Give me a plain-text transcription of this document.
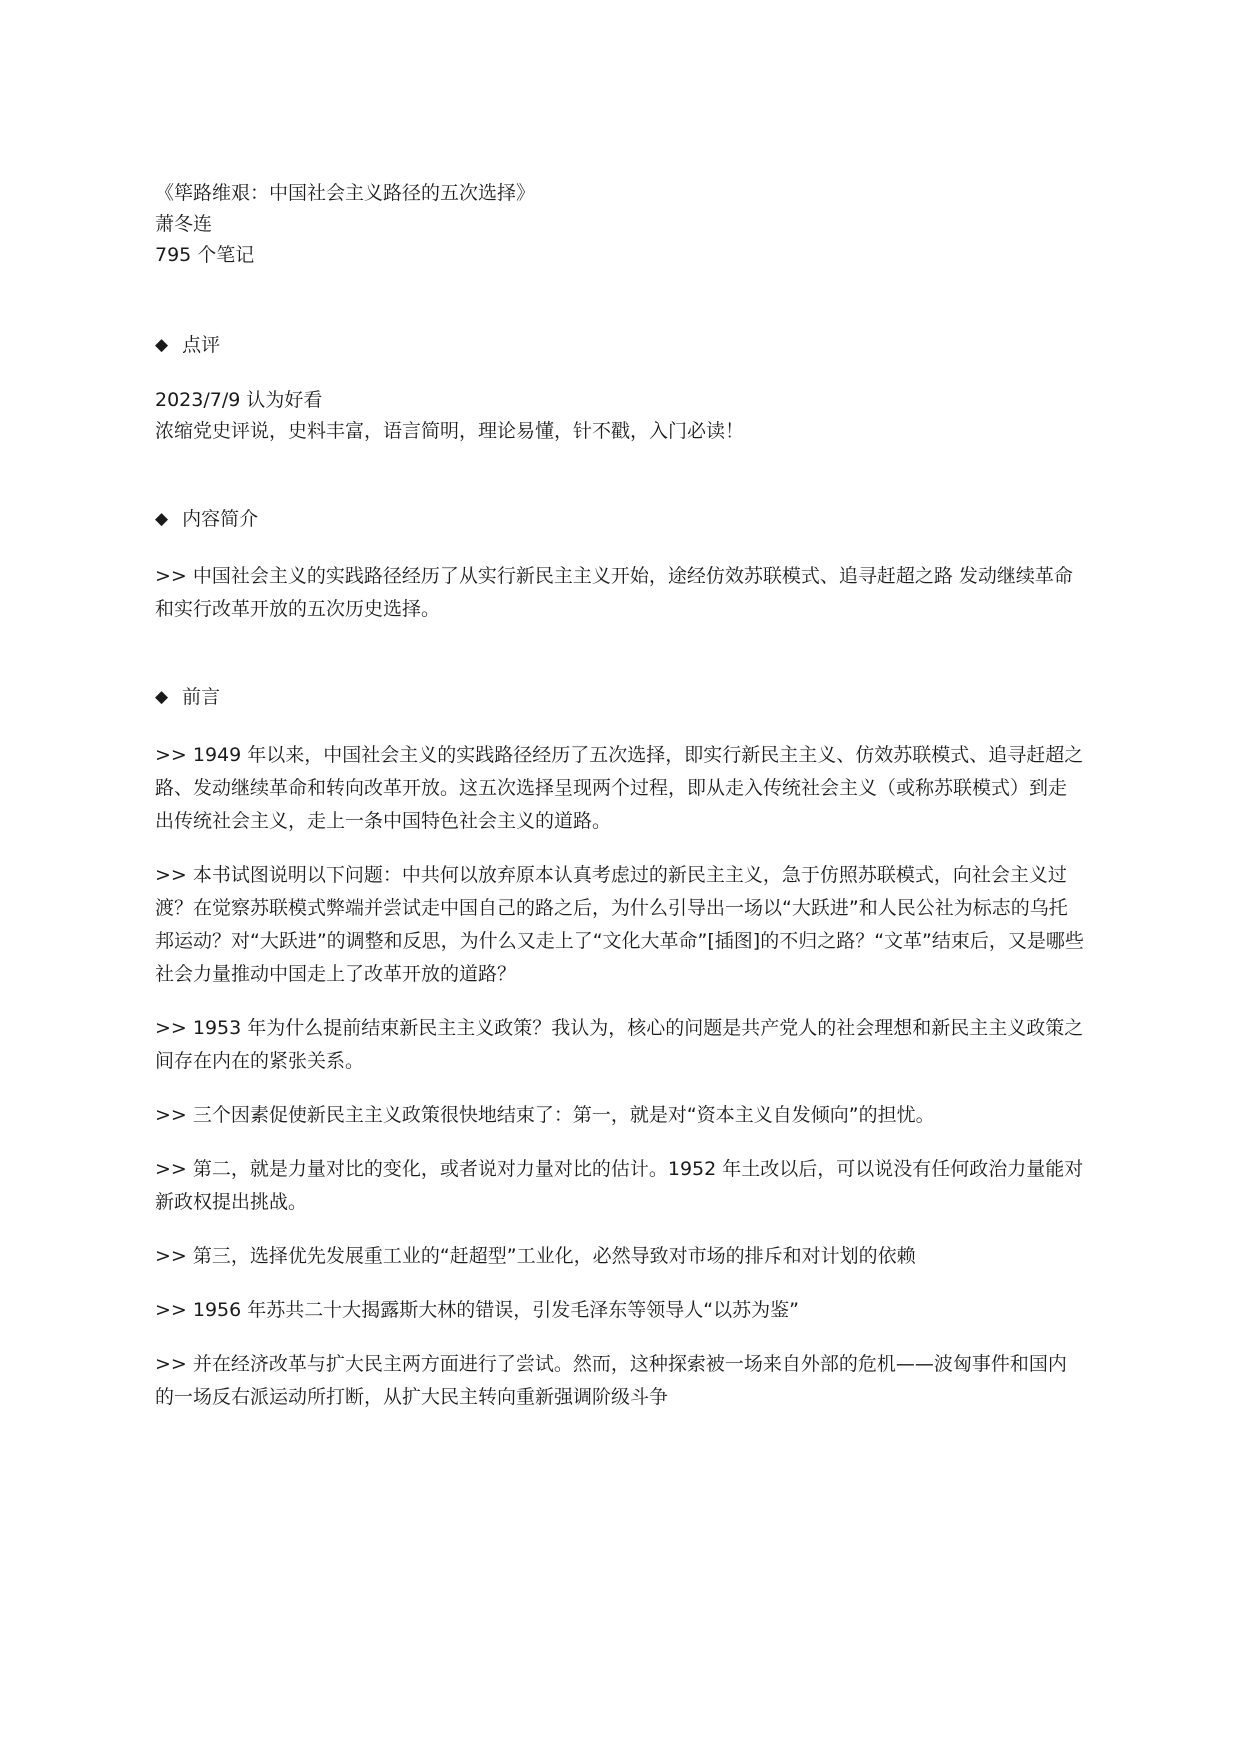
《筚路维艰：中国社会主义路径的五次选择》

萧冬连

795 个笔记

◆ 点评

2023/7/9 认为好看

浓缩党史评说，史料丰富，语言简明，理论易懂，针不戳，入门必读！

◆ 内容简介

>> 中国社会主义的实践路径经历了从实行新民主主义开始，途经仿效苏联模式、追寻赶超之路 发动继续革命和实行改革开放的五次历史选择。

◆ 前言

>> 1949 年以来，中国社会主义的实践路径经历了五次选择，即实行新民主主义、仿效苏联模式、追寻赶超之路、发动继续革命和转向改革开放。这五次选择呈现两个过程，即从走入传统社会主义（或称苏联模式）到走出传统社会主义，走上一条中国特色社会主义的道路。

>> 本书试图说明以下问题：中共何以放弃原本认真考虑过的新民主主义，急于仿照苏联模式，向社会主义过渡？在觉察苏联模式弊端并尝试走中国自己的路之后，为什么引导出一场以“大跃进”和人民公社为标志的乌托邦运动？对“大跃进”的调整和反思，为什么又走上了“文化大革命”[插图]的不归之路？“文革”结束后，又是哪些社会力量推动中国走上了改革开放的道路？

>> 1953 年为什么提前结束新民主主义政策？我认为，核心的问题是共产党人的社会理想和新民主主义政策之间存在内在的紧张关系。

>> 三个因素促使新民主主义政策很快地结束了：第一，就是对“资本主义自发倾向”的担忧。

>> 第二，就是力量对比的变化，或者说对力量对比的估计。1952 年土改以后，可以说没有任何政治力量能对新政权提出挑战。

>> 第三，选择优先发展重工业的“赶超型”工业化，必然导致对市场的排斥和对计划的依赖

>> 1956 年苏共二十大揭露斯大林的错误，引发毛泽东等领导人“以苏为鉴”

>> 并在经济改革与扩大民主两方面进行了尝试。然而，这种探索被一场来自外部的危机——波匈事件和国内的一场反右派运动所打断，从扩大民主转向重新强调阶级斗争
